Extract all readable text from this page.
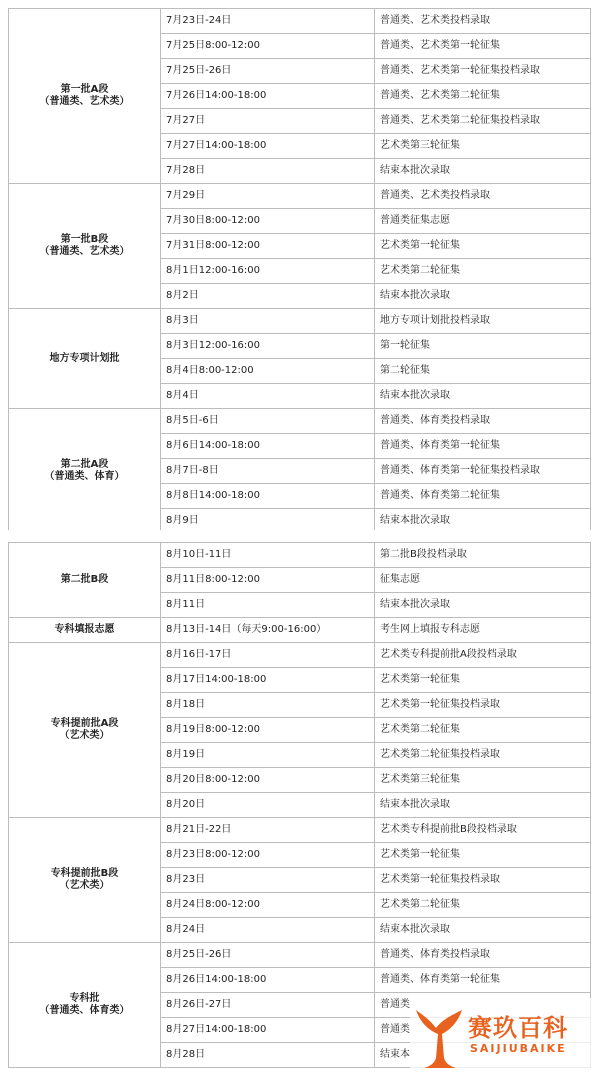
第一批A段
（普通类、艺术类）	7月23日-24日	普通类、艺术类投档录取
	7月25日8:00-12:00	普通类、艺术类第一轮征集
	7月25日-26日	普通类、艺术类第一轮征集投档录取
	7月26日14:00-18:00	普通类、艺术类第二轮征集
	7月27日	普通类、艺术类第二轮征集投档录取
	7月27日14:00-18:00	艺术类第三轮征集
	7月28日	结束本批次录取

第一批B段
（普通类、艺术类）	7月29日	普通类、艺术类投档录取
	7月30日8:00-12:00	普通类征集志愿
	7月31日8:00-12:00	艺术类第一轮征集
	8月1日12:00-16:00	艺术类第二轮征集
	8月2日	结束本批次录取

地方专项计划批	8月3日	地方专项计划批投档录取
	8月3日12:00-16:00	第一轮征集
	8月4日8:00-12:00	第二轮征集
	8月4日	结束本批次录取

第二批A段
（普通类、体育）	8月5日-6日	普通类、体育类投档录取
	8月6日14:00-18:00	普通类、体育类第一轮征集
	8月7日-8日	普通类、体育类第一轮征集投档录取
	8月8日14:00-18:00	普通类、体育类第二轮征集
	8月9日	结束本批次录取
第二批B段	8月10日-11日	第二批B段投档录取
	8月11日8:00-12:00	征集志愿
	8月11日	结束本批次录取

专科填报志愿	8月13日-14日（每天9:00-16:00）	考生网上填报专科志愿

专科提前批A段
（艺术类）	8月16日-17日	艺术类专科提前批A段投档录取
	8月17日14:00-18:00	艺术类第一轮征集
	8月18日	艺术类第一轮征集投档录取
	8月19日8:00-12:00	艺术类第二轮征集
	8月19日	艺术类第二轮征集投档录取
	8月20日8:00-12:00	艺术类第三轮征集
	8月20日	结束本批次录取

专科提前批B段
（艺术类）	8月21日-22日	艺术类专科提前批B段投档录取
	8月23日8:00-12:00	艺术类第一轮征集
	8月23日	艺术类第一轮征集投档录取
	8月24日8:00-12:00	艺术类第二轮征集
	8月24日	结束本批次录取

专科批
（普通类、体育类）	8月25日-26日	普通类、体育类投档录取
	8月26日14:00-18:00	普通类、体育类第一轮征集
	8月26日-27日	普通类
	8月27日14:00-18:00	普通类
	8月28日	结束本
赛玖百科
SAIJIUBAIKE
